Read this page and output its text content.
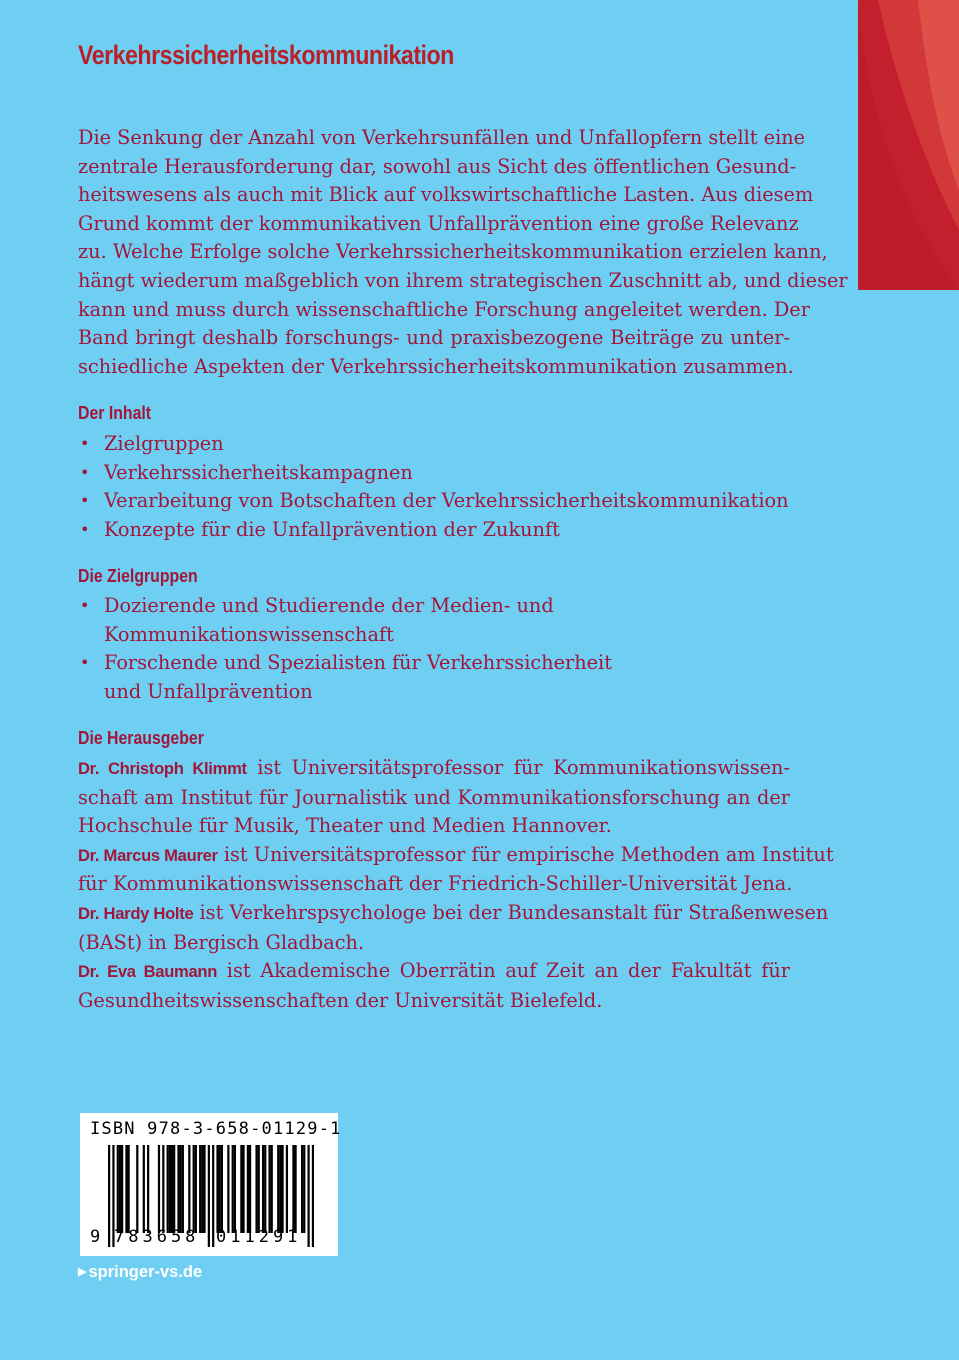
Verkehrssicherheitskommunikation
Die Senkung der Anzahl von Verkehrsunfällen und Unfallopfern stellt eine
zentrale Herausforderung dar, sowohl aus Sicht des öffentlichen Gesund-
heitswesens als auch mit Blick auf volkswirtschaftliche Lasten. Aus diesem
Grund kommt der kommunikativen Unfallprävention eine große Relevanz
zu. Welche Erfolge solche Verkehrssicherheitskommunikation erzielen kann,
hängt wiederum maßgeblich von ihrem strategischen Zuschnitt ab, und dieser
kann und muss durch wissenschaftliche Forschung angeleitet werden. Der
Band bringt deshalb forschungs- und praxisbezogene Beiträge zu unter-
schiedliche Aspekten der Verkehrssicherheitskommunikation zusammen.
Der Inhalt
• Zielgruppen
• Verkehrssicherheitskampagnen
• Verarbeitung von Botschaften der Verkehrssicherheitskommunikation
• Konzepte für die Unfallprävention der Zukunft
Die Zielgruppen
• Dozierende und Studierende der Medien- und
Kommunikationswissenschaft
• Forschende und Spezialisten für Verkehrssicherheit
und Unfallprävention
Die Herausgeber

Dr. Christoph Klimmt ist Universitätsprofessor für Kommunikationswissen-
schaft am Institut für Journalistik und Kommunikationsforschung an der
Hochschule für Musik, Theater und Medien Hannover.

Dr. Marcus Maurer ist Universitätsprofessor für empirische Methoden am Institut
für Kommunikationswissenschaft der Friedrich-Schiller-Universität Jena.

Dr. Hardy Holte ist Verkehrspsychologe bei der Bundesanstalt für Straßenwesen
(BASt) in Bergisch Gladbach.

Dr. Eva Baumann ist Akademische Oberrätin auf Zeit an der Fakultät für
Gesundheitswissenschaften der Universität Bielefeld.

ISBN 978-3-658-01129-1
9 783658 011291
▶ springer-vs.de
